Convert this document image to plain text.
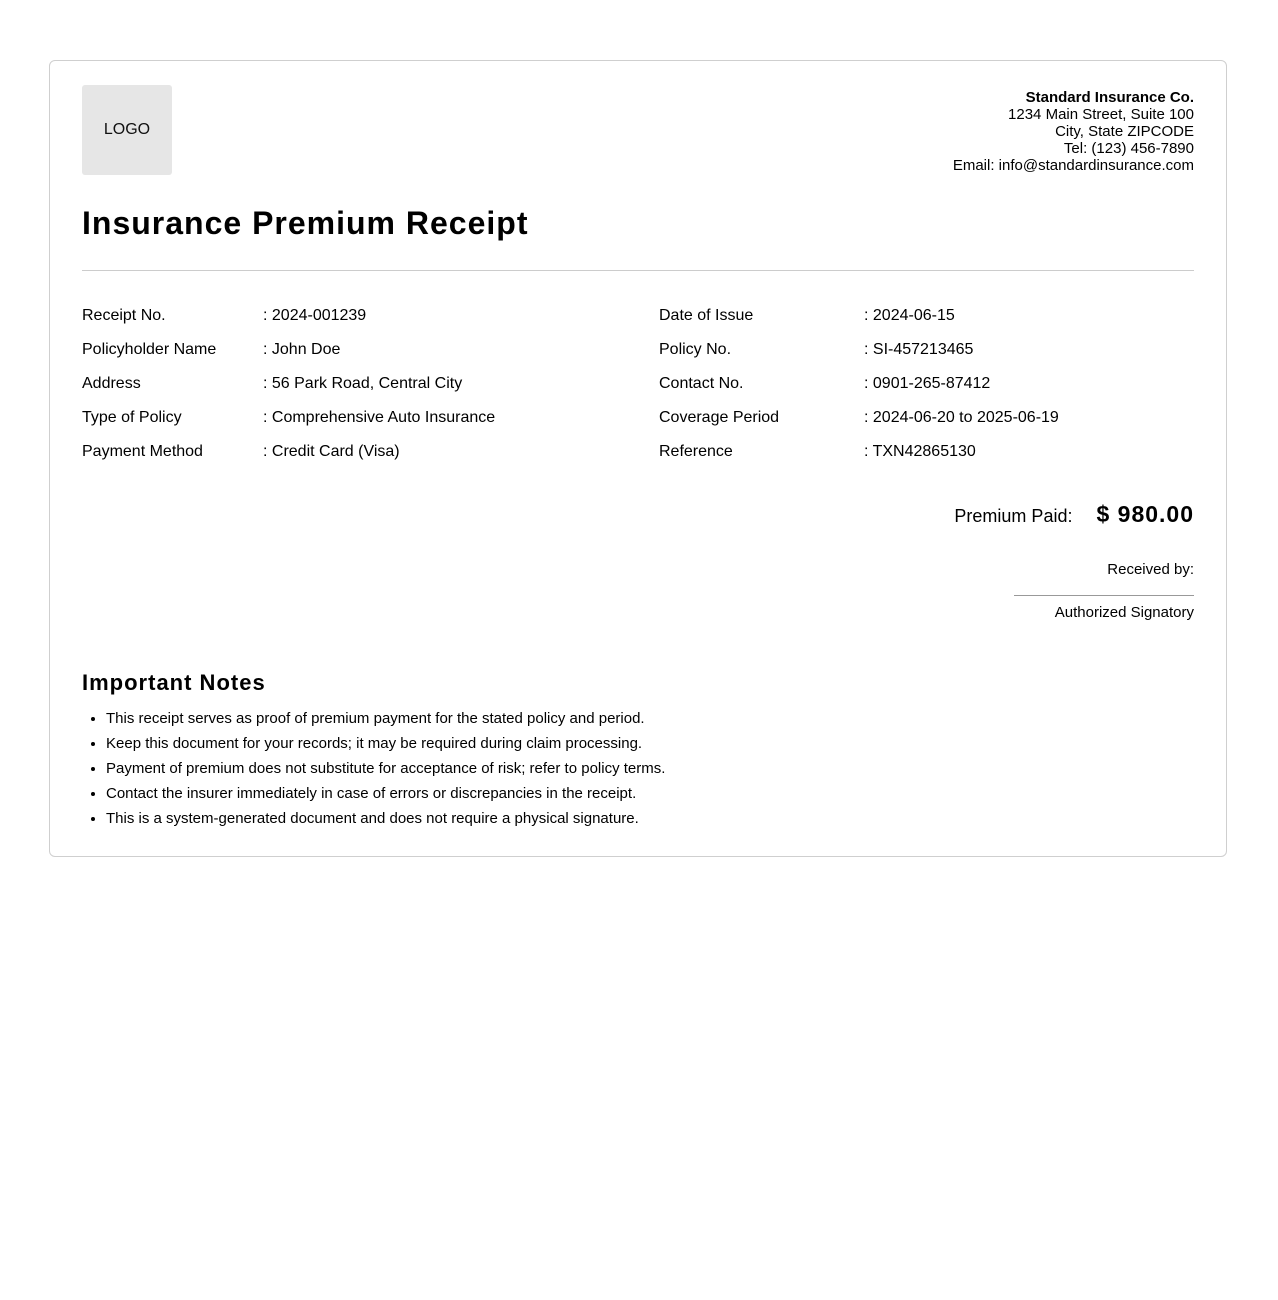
LOGO
Standard Insurance Co.
1234 Main Street, Suite 100
City, State ZIPCODE
Tel: (123) 456-7890
Email: info@standardinsurance.com
Insurance Premium Receipt
Receipt No.	: 2024-001239
Policyholder Name	: John Doe
Address	: 56 Park Road, Central City
Type of Policy	: Comprehensive Auto Insurance
Payment Method	: Credit Card (Visa)
Date of Issue	: 2024-06-15
Policy No.	: SI-457213465
Contact No.	: 0901-265-87412
Coverage Period	: 2024-06-20 to 2025-06-19
Reference	: TXN42865130
Premium Paid: $ 980.00
Received by:
Authorized Signatory
Important Notes
• This receipt serves as proof of premium payment for the stated policy and period.
• Keep this document for your records; it may be required during claim processing.
• Payment of premium does not substitute for acceptance of risk; refer to policy terms.
• Contact the insurer immediately in case of errors or discrepancies in the receipt.
• This is a system-generated document and does not require a physical signature.
